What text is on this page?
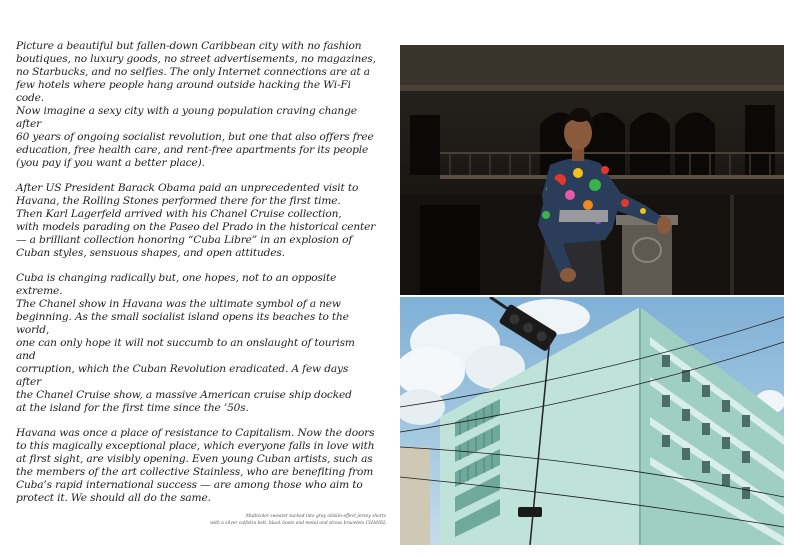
Picture a beautiful but fallen-down Caribbean city with no fashion
boutiques, no luxury goods, no street advertisements, no magazines,
no Starbucks, and no selfies. The only Internet connections are at a
few hotels where people hang around outside hacking the Wi-Fi code.
Now imagine a sexy city with a young population craving change after
60 years of ongoing socialist revolution, but one that also offers free
education, free health care, and rent-free apartments for its people
(you pay if you want a better place).

After US President Barack Obama paid an unprecedented visit to
Havana, the Rolling Stones performed there for the first time.
Then Karl Lagerfeld arrived with his Chanel Cruise collection,
with models parading on the Paseo del Prado in the historical center
— a brilliant collection honoring “Cuba Libre” in an explosion of
Cuban styles, sensuous shapes, and open attitudes.

Cuba is changing radically but, one hopes, not to an opposite extreme.
The Chanel show in Havana was the ultimate symbol of a new
beginning. As the small socialist island opens its beaches to the world,
one can only hope it will not succumb to an onslaught of tourism and
corruption, which the Cuban Revolution eradicated. A few days after
the Chanel Cruise show, a massive American cruise ship docked
at the island for the first time since the ’50s.

Havana was once a place of resistance to Capitalism. Now the doors
to this magically exceptional place, which everyone falls in love with
at first sight, are visibly opening. Even young Cuban artists, such as
the members of the art collective Stainless, who are benefiting from
Cuba’s rapid international success — are among those who aim to
protect it. We should all do the same.

Multicolor sweater tucked into gray oilskin-effect jersey shorts
with a silver calfskin belt, black boots and metal and strass bracelets CHANEL
